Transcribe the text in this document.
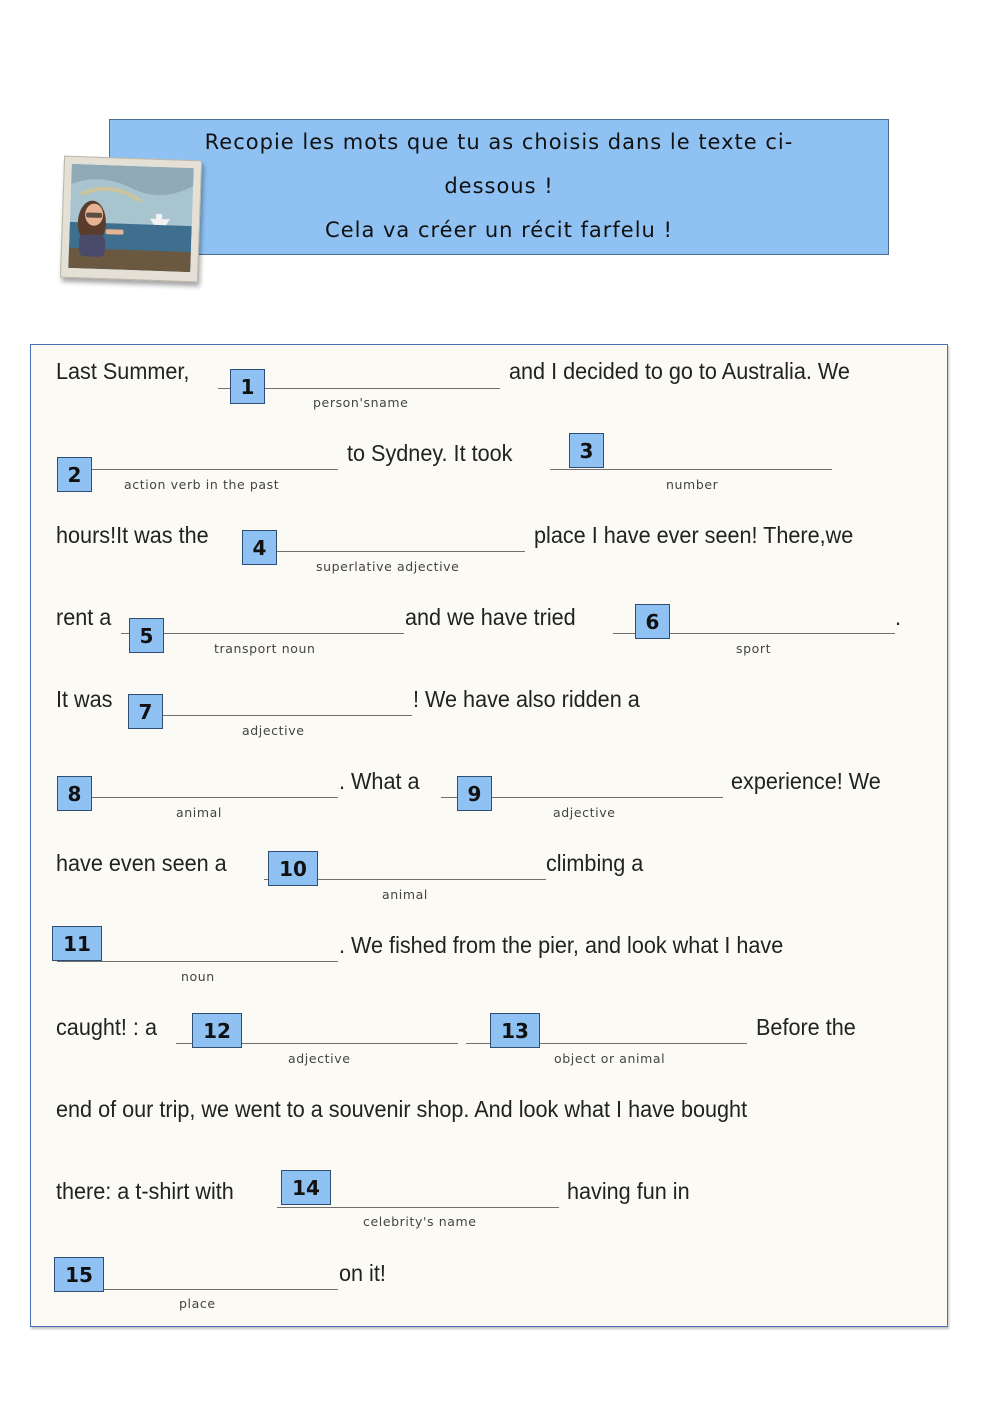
Recopie les mots que tu as choisis dans le texte ci-
dessous !
Cela va créer un récit farfelu !
Last Summer,
1
person'sname
and I decided to go to Australia. We
2	action verb in the past
to Sydney. It took	3
number
hours!It was the	4
superlative adjective
place I have ever seen! There,we
rent a
5
transport noun
and we have tried	6
sport
.
It was	7
adjective
! We have also ridden a
8
animal
. What a	9
adjective
experience! We
have even seen a	10
animal
climbing a
11
noun
. We fished from the pier, and look what I have
caught! : a	12
adjective
13
object or animal
Before the
end of our trip, we went to a souvenir shop. And look what I have bought
there: a t-shirt with	14
celebrity's name
having fun in
15
place
on it!
